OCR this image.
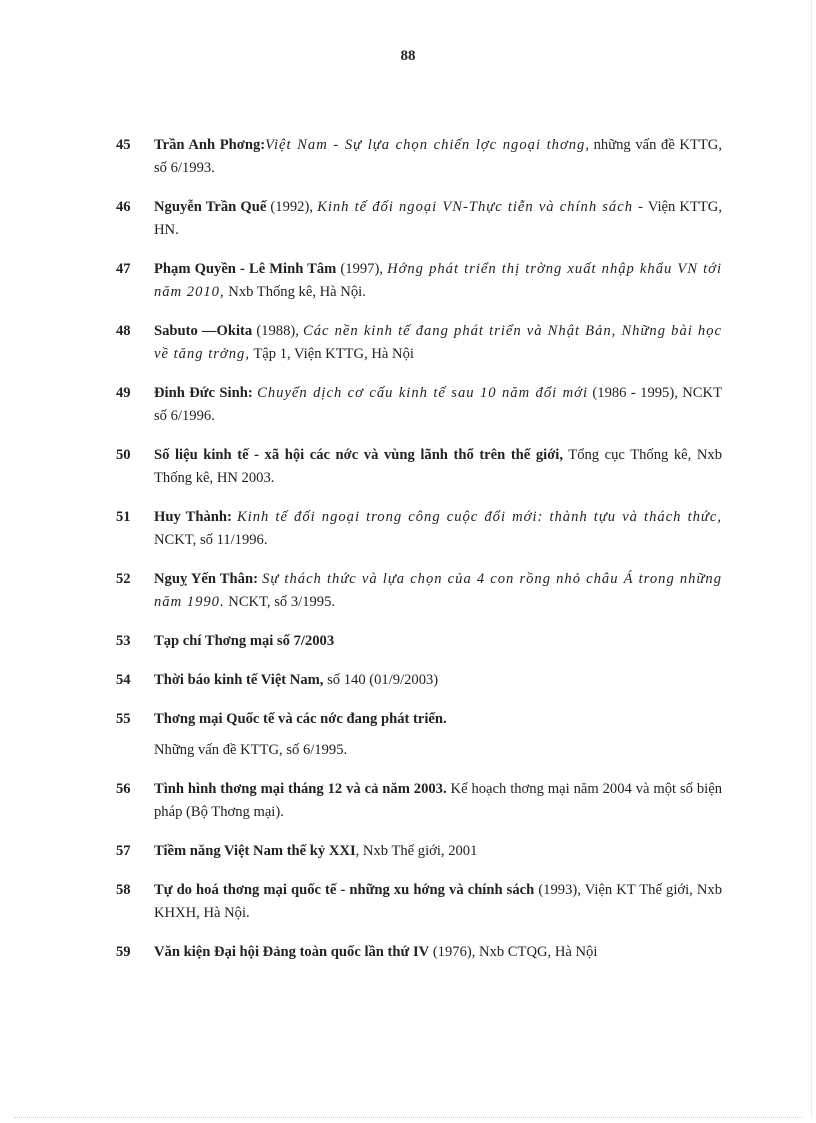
88
45 Trần Anh Phơng:Việt Nam - Sự lựa chọn chiến lợc ngoại thơng, những vấn đề KTTG, số 6/1993.
46 Nguyễn Trần Quế (1992), Kinh tế đối ngoại VN-Thực tiễn và chính sách - Viện KTTG, HN.
47 Phạm Quyền - Lê Minh Tâm (1997), Hớng phát triển thị trờng xuất nhập khẩu VN tới năm 2010, Nxb Thống kê, Hà Nội.
48 Sabuto —Okita (1988), Các nền kinh tế đang phát triển và Nhật Bản, Những bài học về tăng trởng, Tập 1, Viện KTTG, Hà Nội
49 Đinh Đức Sinh: Chuyển dịch cơ cấu kinh tế sau 10 năm đổi mới (1986 - 1995), NCKT số 6/1996.
50 Số liệu kinh tế - xã hội các nớc và vùng lãnh thổ trên thế giới, Tổng cục Thống kê, Nxb Thống kê, HN 2003.
51 Huy Thành: Kinh tế đối ngoại trong công cuộc đổi mới: thành tựu và thách thức, NCKT, số 11/1996.
52 Nguỵ Yến Thân: Sự thách thức và lựa chọn của 4 con rồng nhỏ châu Á trong những năm 1990. NCKT, số 3/1995.
53 Tạp chí Thơng mại số 7/2003
54 Thời báo kinh tế Việt Nam, số 140 (01/9/2003)
55 Thơng mại Quốc tế và các nớc đang phát triển.
Những vấn đề KTTG, số 6/1995.
56 Tình hình thơng mại tháng 12 và cả năm 2003. Kế hoạch thơng mại năm 2004 và một số biện pháp (Bộ Thơng mại).
57 Tiềm năng Việt Nam thế kỷ XXI, Nxb Thế giới, 2001
58 Tự do hoá thơng mại quốc tế - những xu hớng và chính sách (1993), Viện KT Thế giới, Nxb KHXH, Hà Nội.
59 Văn kiện Đại hội Đảng toàn quốc lần thứ IV (1976), Nxb CTQG, Hà Nội
